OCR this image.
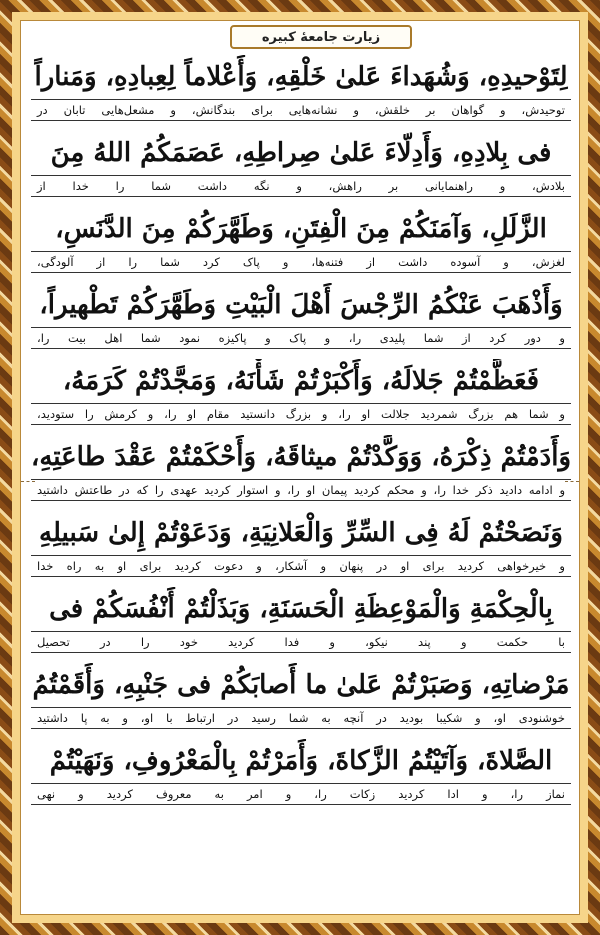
زیارت جامعهٔ کبیره
لِتَوْحيدِهِ، وَشُهَداءَ عَلىٰ خَلْقِهِ، وَأَعْلاماً لِعِبادِهِ، وَمَناراً
توحیدش، و گواهان بر خلقش، و نشانه‌هایی برای بندگانش، و مشعل‌هایی تابان در
فى بِلادِهِ، وَأَدِلّاءَ عَلىٰ صِراطِهِ، عَصَمَكُمُ اللهُ مِنَ
بلادش، و راهنمایانی بر راهش، و نگه داشت شما را خدا از
الزَّلَلِ، وَآمَنَكُمْ مِنَ الْفِتَنِ، وَطَهَّرَكُمْ مِنَ الدَّنَسِ،
لغزش، و آسوده داشت از فتنه‌ها، و پاک کرد شما را از آلودگی،
وَأَذْهَبَ عَنْكُمُ الرِّجْسَ أَهْلَ الْبَيْتِ وَطَهَّرَكُمْ تَطْهيراً،
و دور کرد از شما پلیدی را، و پاک و پاکیزه نمود شما اهل بیت را،
فَعَظَّمْتُمْ جَلالَهُ، وَأَكْبَرْتُمْ شَأْنَهُ، وَمَجَّدْتُمْ كَرَمَهُ،
و شما هم بزرگ شمردید جلالت او را، و بزرگ دانستید مقام او را، و کرمش را ستودید،
وَأَدَمْتُمْ ذِكْرَهُ، وَوَكَّدْتُمْ ميثاقَهُ، وَأَحْكَمْتُمْ عَقْدَ طاعَتِهِ،
و ادامه دادید ذکر خدا را، و محکم کردید پیمان او را، و استوار کردید عهدی را که در طاعتش داشتید
وَنَصَحْتُمْ لَهُ فِى السِّرِّ وَالْعَلانِيَةِ، وَدَعَوْتُمْ إِلىٰ سَبيلِهِ
و خیرخواهی کردید برای او در پنهان و آشکار، و دعوت کردید برای او به راه خدا
بِالْحِكْمَةِ وَالْمَوْعِظَةِ الْحَسَنَةِ، وَبَذَلْتُمْ أَنْفُسَكُمْ فى
با حکمت و پند نیکو، و فدا کردید خود را در تحصیل
مَرْضاتِهِ، وَصَبَرْتُمْ عَلىٰ ما أَصابَكُمْ فى جَنْبِهِ، وَأَقَمْتُمُ
خوشنودی او، و شکیبا بودید در آنچه به شما رسید در ارتباط با او، و به پا داشتید
الصَّلاةَ، وَآتَيْتُمُ الزَّكاةَ، وَأَمَرْتُمْ بِالْمَعْرُوفِ، وَنَهَيْتُمْ
نماز را، و ادا کردید زکات را، و امر به معروف کردید و نهی
